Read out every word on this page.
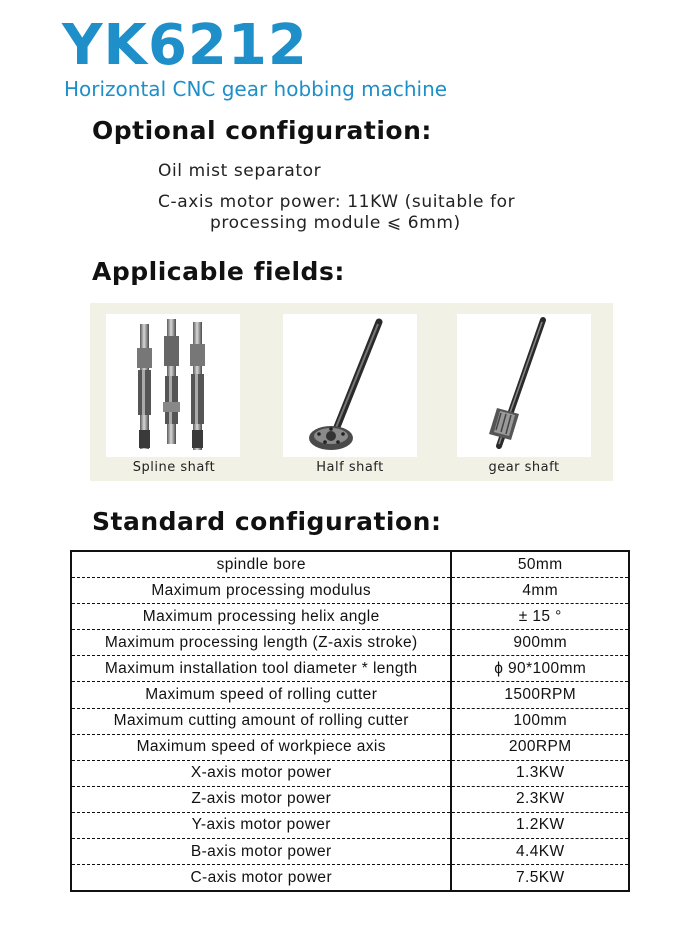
YK6212
Horizontal CNC gear hobbing machine
Optional configuration:
Oil mist separator
C-axis motor power: 11KW (suitable for
processing module ⩽ 6mm)
Applicable fields:
Spline shaft	Half shaft	gear shaft
Standard configuration:
spindle bore	50mm
Maximum processing modulus	4mm
Maximum processing helix angle	± 15 °
Maximum processing length (Z-axis stroke)	900mm
Maximum installation tool diameter * length	ϕ 90*100mm
Maximum speed of rolling cutter	1500RPM
Maximum cutting amount of rolling cutter	100mm
Maximum speed of workpiece axis	200RPM
X-axis motor power	1.3KW
Z-axis motor power	2.3KW
Y-axis motor power	1.2KW
B-axis motor power	4.4KW
C-axis motor power	7.5KW
